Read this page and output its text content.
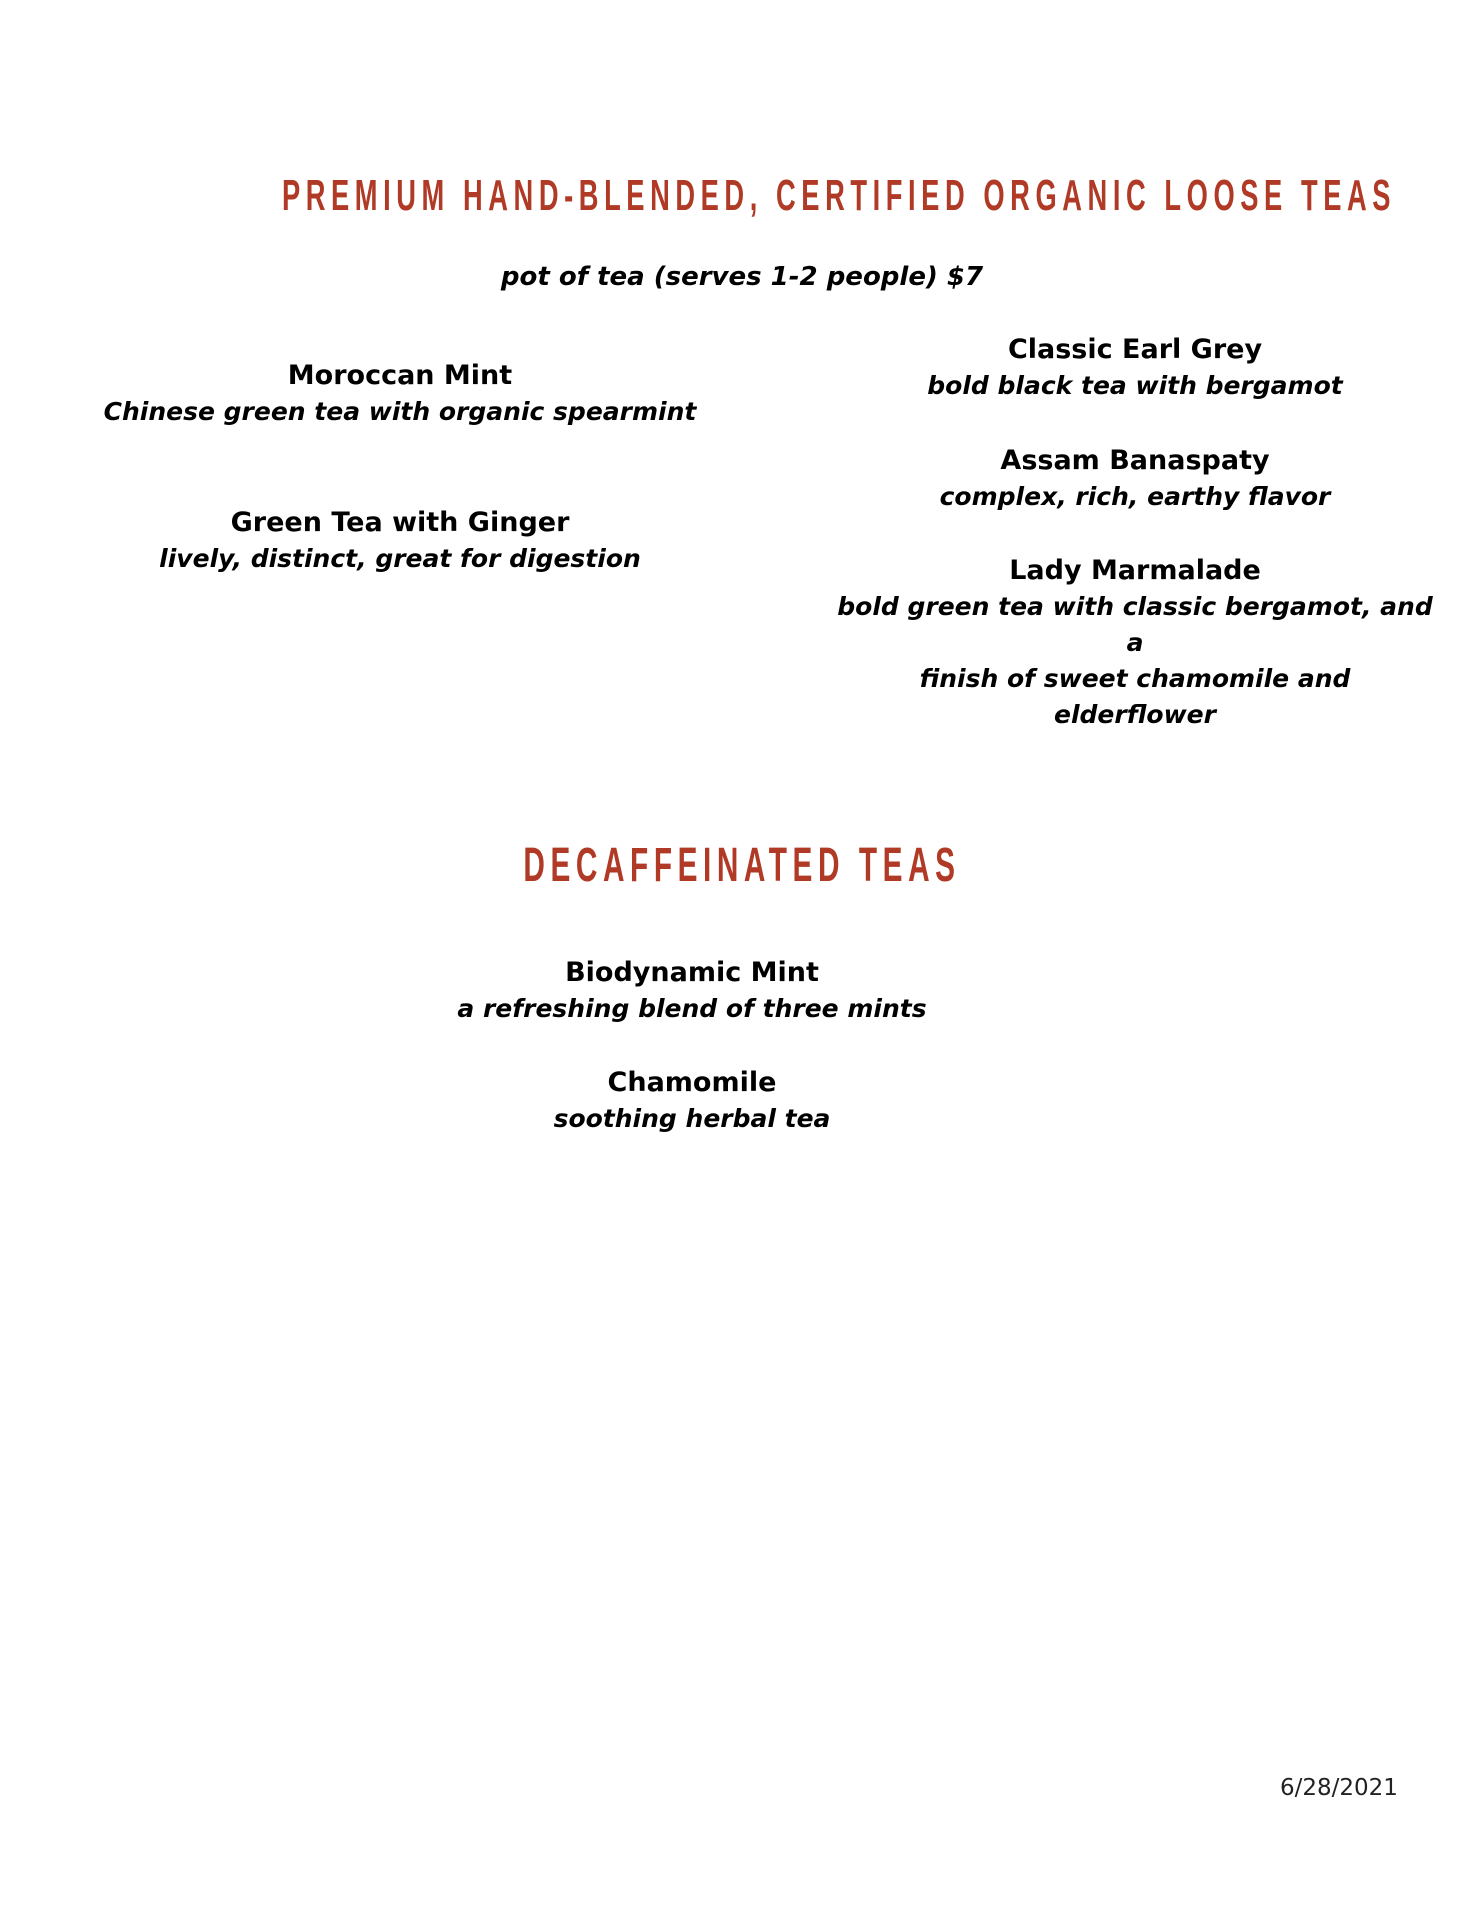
PREMIUM HAND-BLENDED, CERTIFIED ORGANIC LOOSE TEAS

pot of tea (serves 1-2 people) $7

Moroccan Mint

Chinese green tea with organic spearmint

Green Tea with Ginger

lively, distinct, great for digestion

Classic Earl Grey

bold black tea with bergamot

Assam Banaspaty

complex, rich, earthy flavor

Lady Marmalade

bold green tea with classic bergamot, and a

finish of sweet chamomile and elderflower

DECAFFEINATED TEAS

Biodynamic Mint

a refreshing blend of three mints

Chamomile

soothing herbal tea

6/28/2021
